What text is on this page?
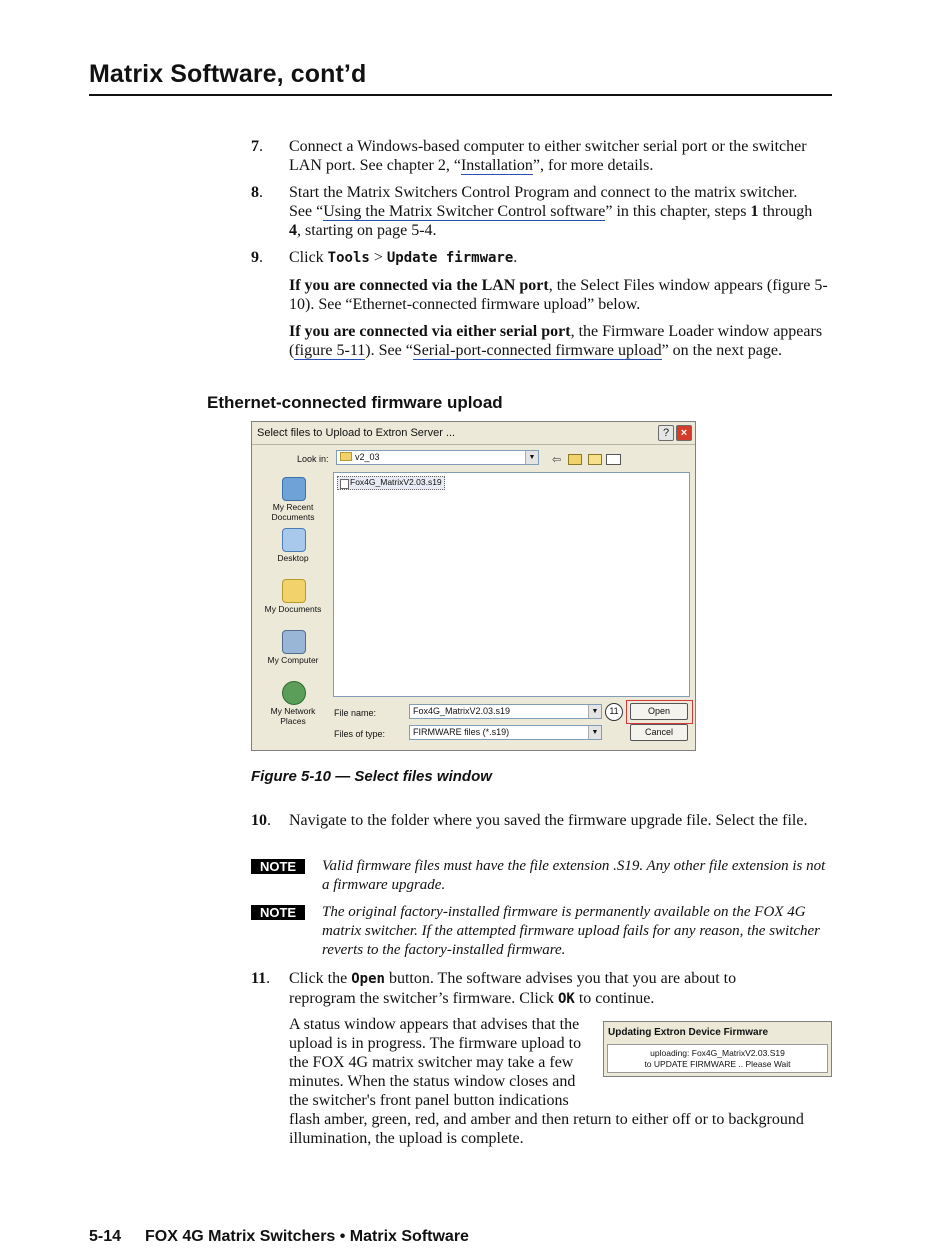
Matrix Software, cont’d
7. Connect a Windows-based computer to either switcher serial port or the switcher LAN port. See chapter 2, “Installation”, for more details.
8. Start the Matrix Switchers Control Program and connect to the matrix switcher. See “Using the Matrix Switcher Control software” in this chapter, steps 1 through 4, starting on page 5-4.
9. Click Tools > Update firmware.
If you are connected via the LAN port, the Select Files window appears (figure 5-10). See “Ethernet-connected firmware upload” below.
If you are connected via either serial port, the Firmware Loader window appears (figure 5-11). See “Serial-port-connected firmware upload” on the next page.
Ethernet-connected firmware upload
Select files to Upload to Extron Server ...	?	×
Look in:	v2_03	▼ ⇦
My Recent Documents
Desktop
My Documents
My Computer
My Network Places
Fox4G_MatrixV2.03.s19
File name:	Fox4G_MatrixV2.03.s19	▼	11	Open
Files of type:	FIRMWARE files (*.s19)	▼	Cancel
Figure 5-10 — Select files window
10. Navigate to the folder where you saved the firmware upgrade file. Select the file.
NOTE	Valid firmware files must have the file extension .S19. Any other file extension is not a firmware upgrade.
NOTE	The original factory-installed firmware is permanently available on the FOX 4G matrix switcher. If the attempted firmware upload fails for any reason, the switcher reverts to the factory-installed firmware.
11. Click the Open button. The software advises you that you are about to reprogram the switcher’s firmware. Click OK to continue.
A status window appears that advises that the upload is in progress. The firmware upload to the FOX 4G matrix switcher may take a few minutes. When the status window closes and the switcher's front panel button indications flash amber, green, red, and amber and then return to either off or to background illumination, the upload is complete.
Updating Extron Device Firmware
uploading: Fox4G_MatrixV2.03.S19
to UPDATE FIRMWARE .. Please Wait
5-14 FOX 4G Matrix Switchers • Matrix Software
